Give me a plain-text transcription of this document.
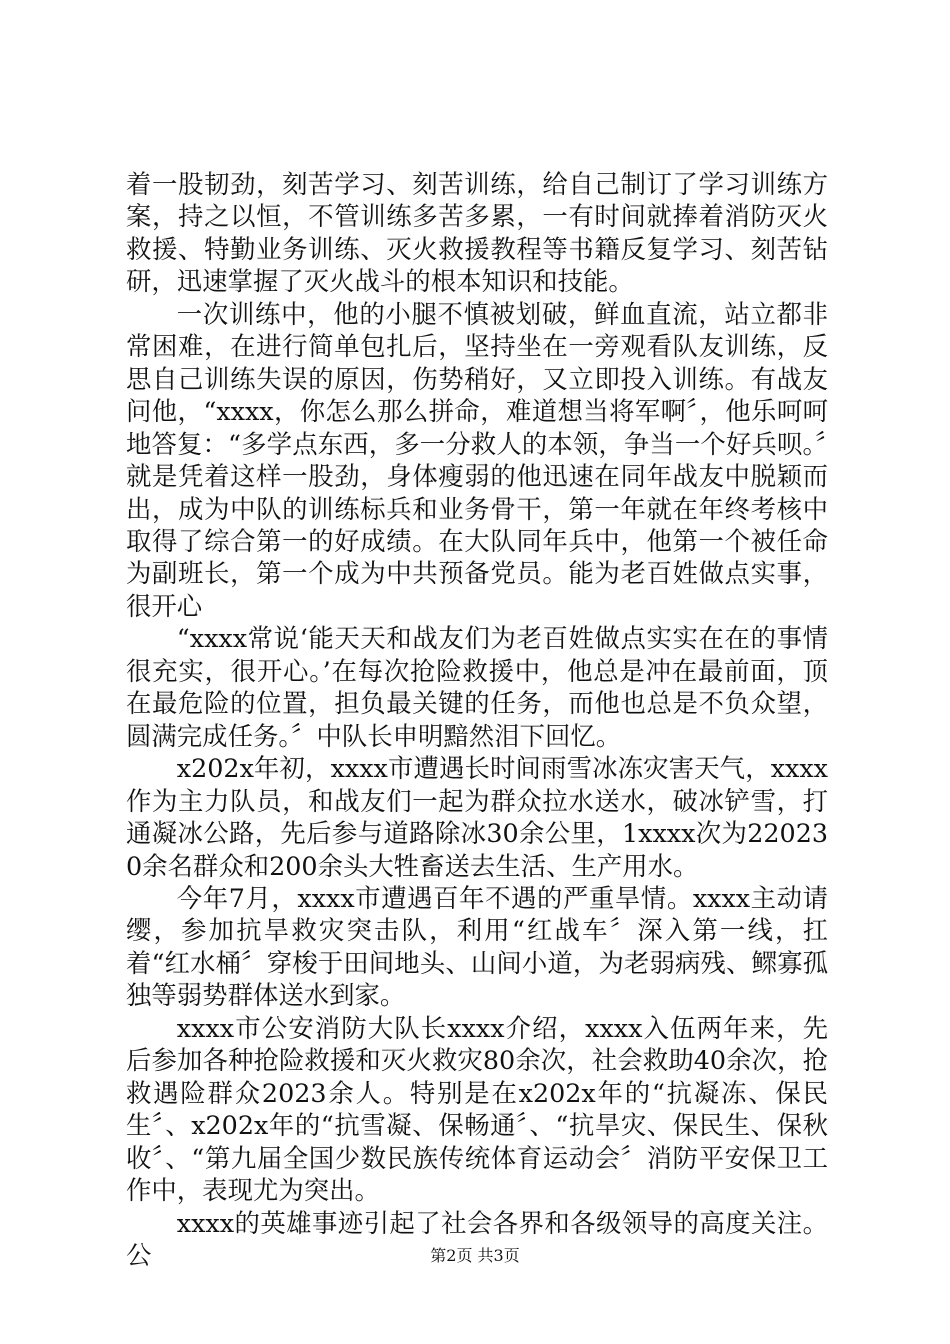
着一股韧劲，刻苦学习、刻苦训练，给自己制订了学习训练方案，持之以恒，不管训练多苦多累，一有时间就捧着消防灭火救援、特勤业务训练、灭火救援教程等书籍反复学习、刻苦钻研，迅速掌握了灭火战斗的根本知识和技能。

一次训练中，他的小腿不慎被划破，鲜血直流，站立都非常困难，在进行简单包扎后，坚持坐在一旁观看队友训练，反思自己训练失误的原因，伤势稍好，又立即投入训练。有战友问他，“xxxx，你怎么那么拼命，难道想当将军啊〞，他乐呵呵地答复：“多学点东西，多一分救人的本领，争当一个好兵呗。〞就是凭着这样一股劲，身体瘦弱的他迅速在同年战友中脱颖而出，成为中队的训练标兵和业务骨干，第一年就在年终考核中取得了综合第一的好成绩。在大队同年兵中，他第一个被任命为副班长，第一个成为中共预备党员。能为老百姓做点实事，很开心

“xxxx常说‘能天天和战友们为老百姓做点实实在在的事情很充实，很开心。’在每次抢险救援中，他总是冲在最前面，顶在最危险的位置，担负最关键的任务，而他也总是不负众望，圆满完成任务。〞中队长申明黯然泪下回忆。

x202x年初，xxxx市遭遇长时间雨雪冰冻灾害天气，xxxx作为主力队员，和战友们一起为群众拉水送水，破冰铲雪，打通凝冰公路，先后参与道路除冰30余公里，1xxxx次为220230余名群众和200余头大牲畜送去生活、生产用水。

今年7月，xxxx市遭遇百年不遇的严重旱情。xxxx主动请缨，参加抗旱救灾突击队，利用“红战车〞深入第一线，扛着“红水桶〞穿梭于田间地头、山间小道，为老弱病残、鳏寡孤独等弱势群体送水到家。

xxxx市公安消防大队长xxxx介绍，xxxx入伍两年来，先后参加各种抢险救援和灭火救灾80余次，社会救助40余次，抢救遇险群众2023余人。特别是在x202x年的“抗凝冻、保民生〞、x202x年的“抗雪凝、保畅通〞、“抗旱灾、保民生、保秋收〞、“第九届全国少数民族传统体育运动会〞消防平安保卫工作中，表现尤为突出。

xxxx的英雄事迹引起了社会各界和各级领导的高度关注。公	第2页 共3页
